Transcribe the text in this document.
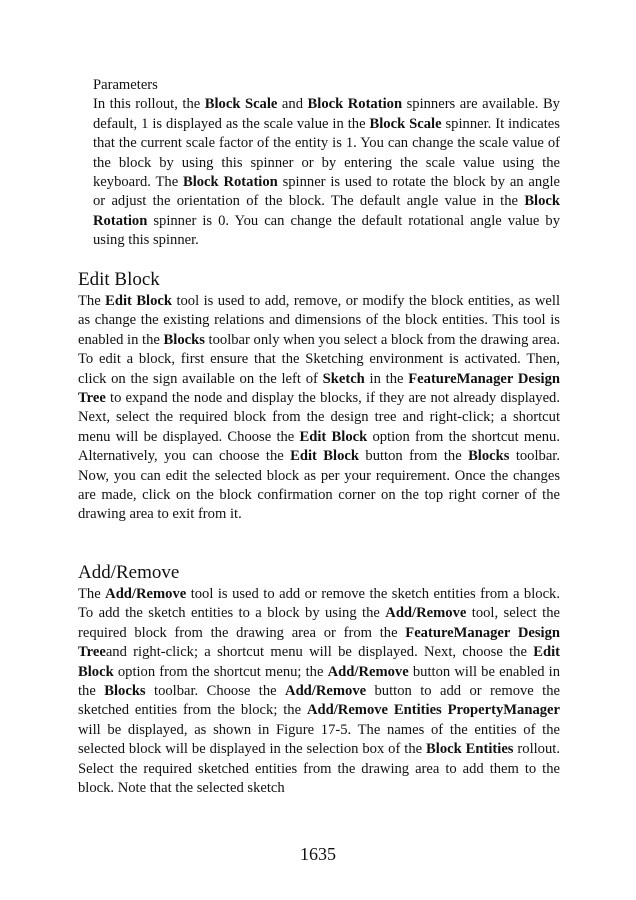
Parameters

In this rollout, the Block Scale and Block Rotation spinners are available. By default, 1 is displayed as the scale value in the Block Scale spinner. It indicates that the current scale factor of the entity is 1. You can change the scale value of the block by using this spinner or by entering the scale value using the keyboard. The Block Rotation spinner is used to rotate the block by an angle or adjust the orientation of the block. The default angle value in the Block Rotation spinner is 0. You can change the default rotational angle value by using this spinner.

Edit Block

The Edit Block tool is used to add, remove, or modify the block entities, as well as change the existing relations and dimensions of the block entities. This tool is enabled in the Blocks toolbar only when you select a block from the drawing area. To edit a block, first ensure that the Sketching environment is activated. Then, click on the sign available on the left of Sketch in the FeatureManager Design Tree to expand the node and display the blocks, if they are not already displayed. Next, select the required block from the design tree and right-click; a shortcut menu will be displayed. Choose the Edit Block option from the shortcut menu. Alternatively, you can choose the Edit Block button from the Blocks toolbar. Now, you can edit the selected block as per your requirement. Once the changes are made, click on the block confirmation corner on the top right corner of the drawing area to exit from it.

Add/Remove

The Add/Remove tool is used to add or remove the sketch entities from a block. To add the sketch entities to a block by using the Add/Remove tool, select the required block from the drawing area or from the FeatureManager Design Treeand right-click; a shortcut menu will be displayed. Next, choose the Edit Block option from the shortcut menu; the Add/Remove button will be enabled in the Blocks toolbar. Choose the Add/Remove button to add or remove the sketched entities from the block; the Add/Remove Entities PropertyManager will be displayed, as shown in Figure 17-5. The names of the entities of the selected block will be displayed in the selection box of the Block Entities rollout. Select the required sketched entities from the drawing area to add them to the block. Note that the selected sketch

1635
